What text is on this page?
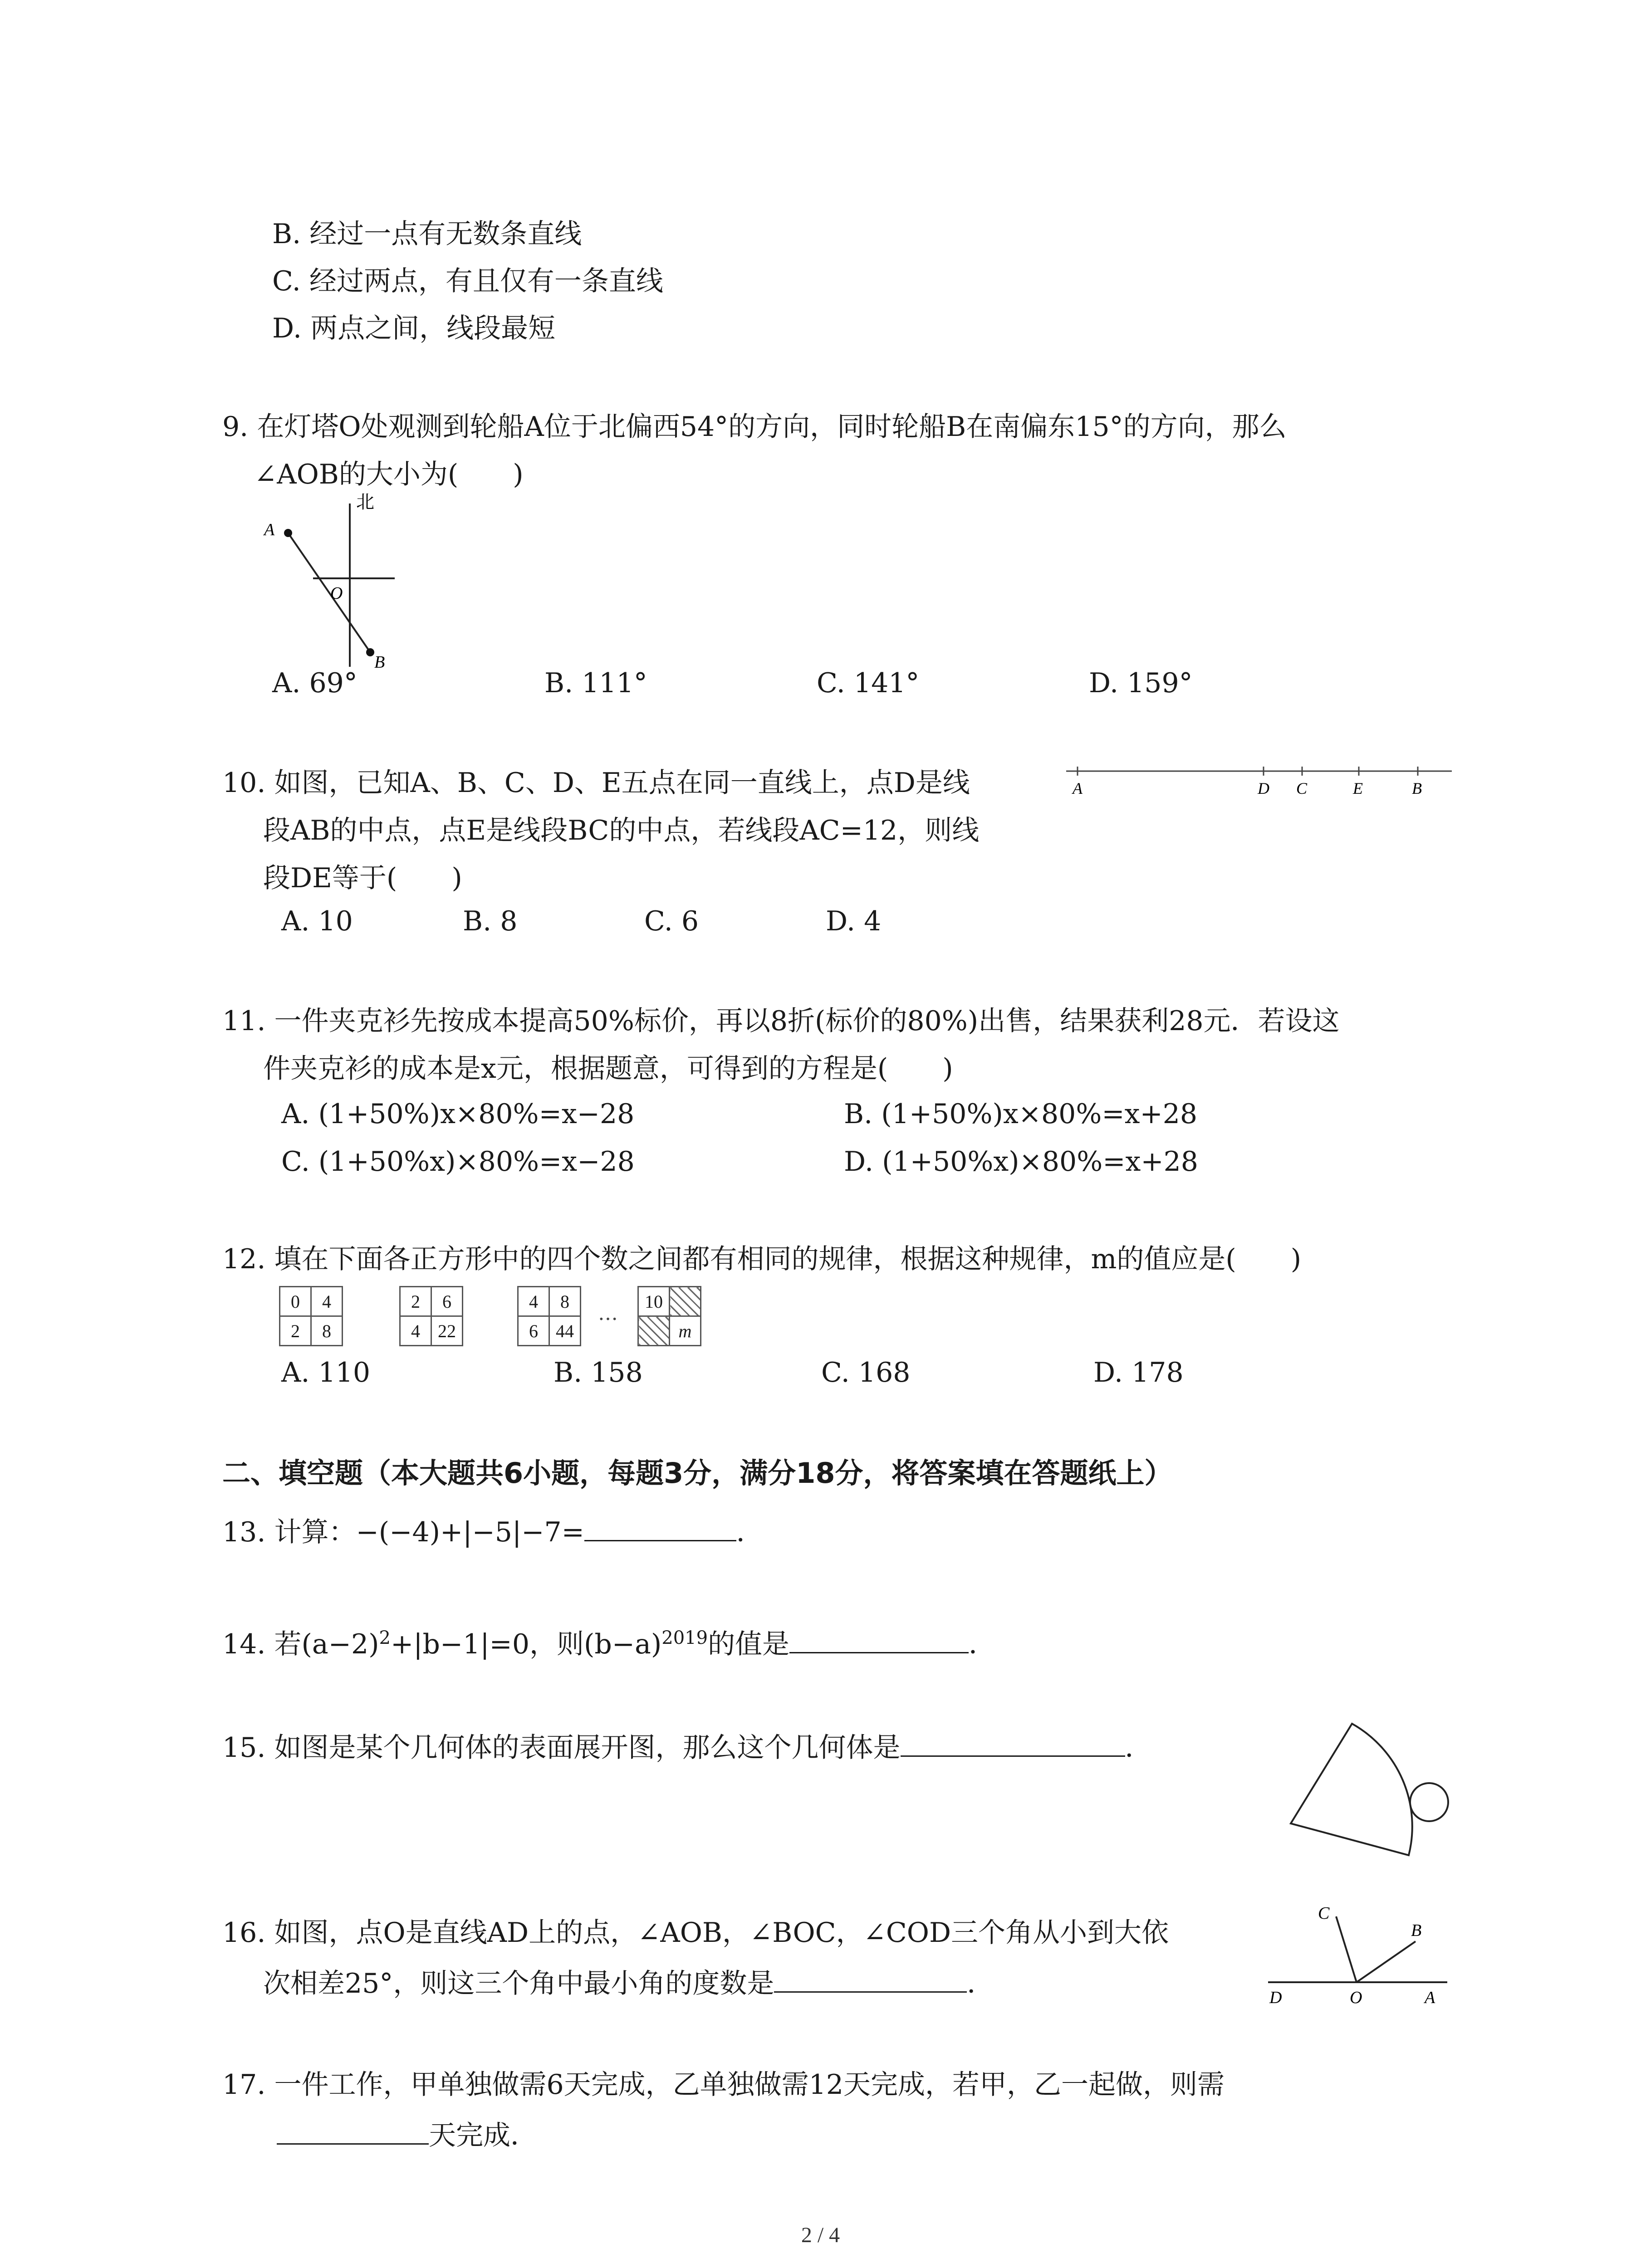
B. 经过一点有无数条直线
C. 经过两点，有且仅有一条直线
D. 两点之间，线段最短
9. 在灯塔O处观测到轮船A位于北偏西54°的方向，同时轮船B在南偏东15°的方向，那么
∠AOB的大小为( )
北
A
O
B
A. 69°	B. 111°	C. 141°	D. 159°
10. 如图，已知A、B、C、D、E五点在同一直线上，点D是线
段AB的中点，点E是线段BC的中点，若线段AC=12，则线
段DE等于( )
A	D C	E	B
A. 10	B. 8	C. 6	D. 4
11. 一件夹克衫先按成本提高50%标价，再以8折(标价的80%)出售，结果获利28元．若设这
件夹克衫的成本是x元，根据题意，可得到的方程是( )
A. (1+50%)x×80%=x−28	B. (1+50%)x×80%=x+28
C. (1+50%x)×80%=x−28	D. (1+50%x)×80%=x+28
12. 填在下面各正方形中的四个数之间都有相同的规律，根据这种规律，m的值应是( )
0	4
2	8
2	6
4	22
4	8
6	44
…
10	
	m
A. 110	B. 158	C. 168	D. 178
二、填空题（本大题共6小题，每题3分，满分18分，将答案填在答题纸上）
13. 计算：−(−4)+|−5|−7=	．
14. 若$(a-2)^2+|b-1|=0$，则$(b-a)^{2019}$的值是	．
15. 如图是某个几何体的表面展开图，那么这个几何体是	．
16. 如图，点O是直线AD上的点，∠AOB，∠BOC，∠COD三个角从小到大依
次相差25°，则这三个角中最小角的度数是	．
C
B
D	O	A
17. 一件工作，甲单独做需6天完成，乙单独做需12天完成，若甲，乙一起做，则需
天完成．
2 / 4
